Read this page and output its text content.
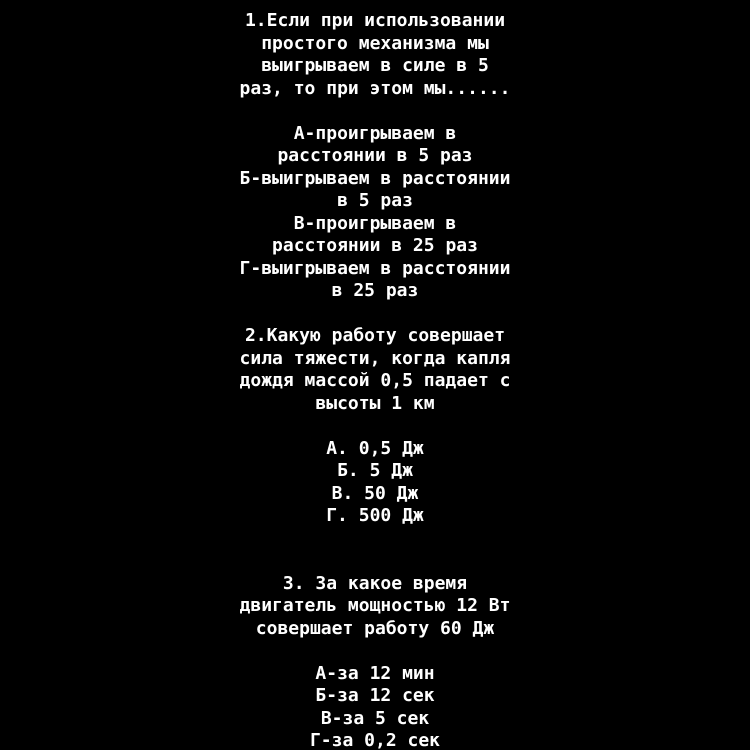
1.Если при использовании
простого механизма мы
выигрываем в силе в 5
раз, то при этом мы......
А-проигрываем в
расстоянии в 5 раз
Б-выигрываем в расстоянии
в 5 раз
В-проигрываем в
расстоянии в 25 раз
Г-выигрываем в расстоянии
в 25 раз
2.Какую работу совершает
сила тяжести, когда капля
дождя массой 0,5 падает с
высоты 1 км
А. 0,5 Дж
Б. 5 Дж
В. 50 Дж
Г. 500 Дж
3. За какое время
двигатель мощностью 12 Вт
совершает работу 60 Дж
А-за 12 мин
Б-за 12 сек
В-за 5 сек
Г-за 0,2 сек
